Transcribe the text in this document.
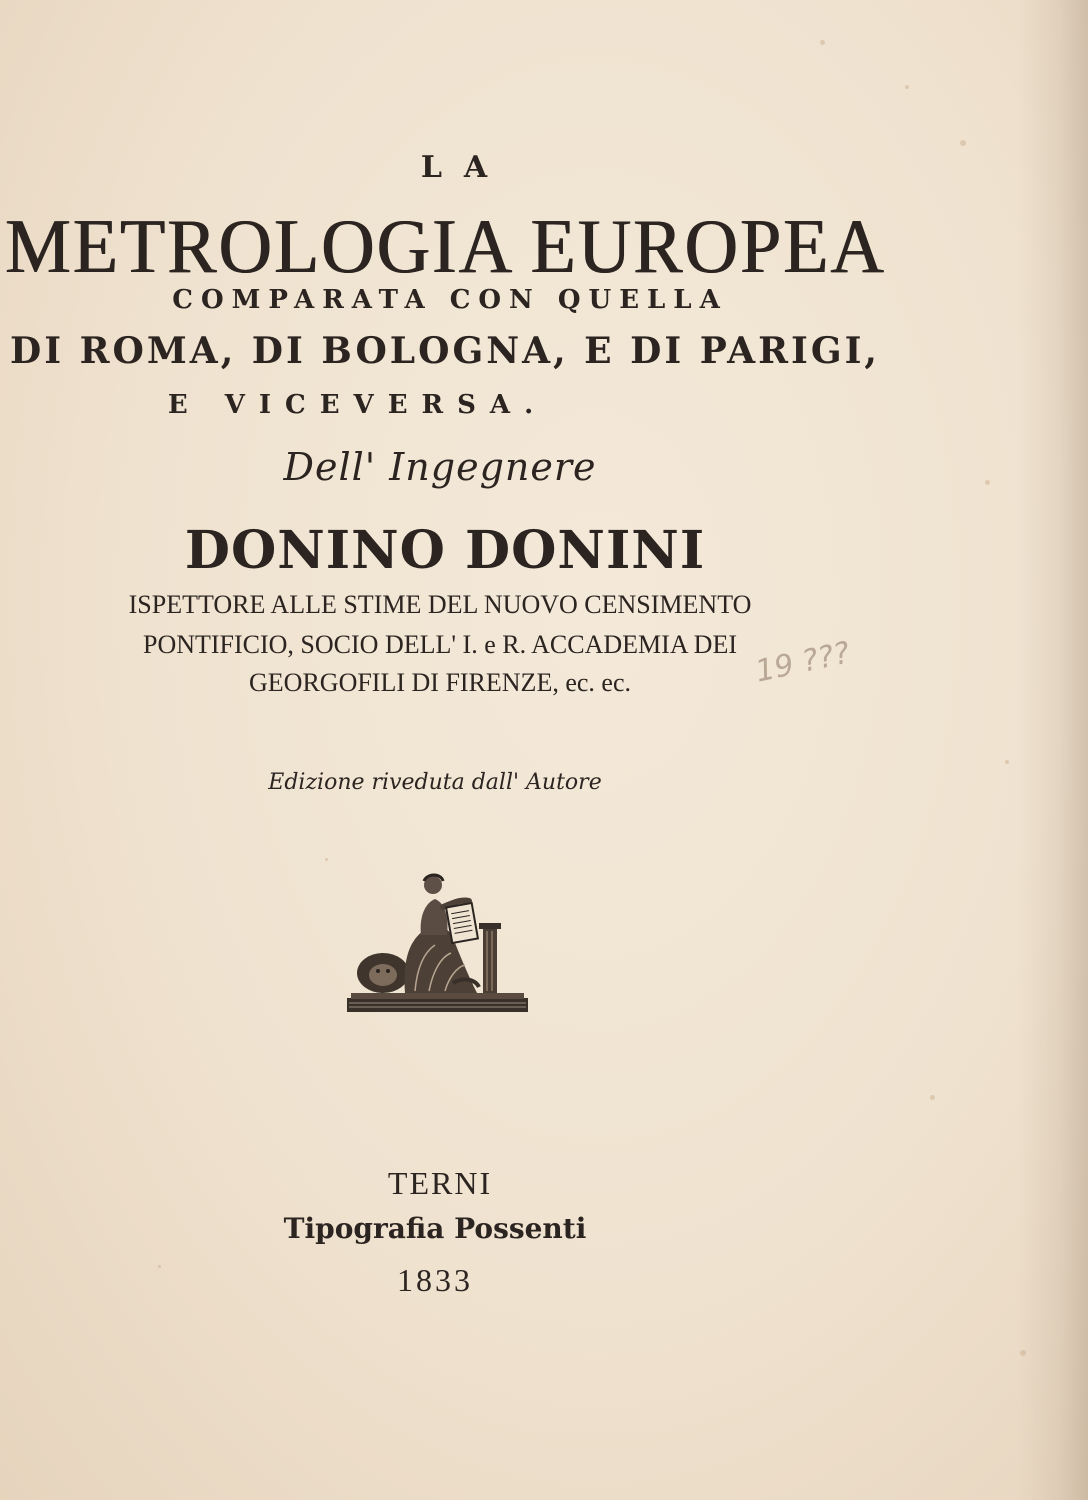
LA
METROLOGIA EUROPEA
COMPARATA CON QUELLA
DI ROMA, DI BOLOGNA, E DI PARIGI,
E VICEVERSA.
Dell' Ingegnere
DONINO DONINI
ISPETTORE ALLE STIME DEL NUOVO CENSIMENTO
PONTIFICIO, SOCIO DELL' I. e R. ACCADEMIA DEI
GEORGOFILI DI FIRENZE, ec. ec.	19 ???
Edizione riveduta dall' Autore
TERNI
Tipografia Possenti
1833
